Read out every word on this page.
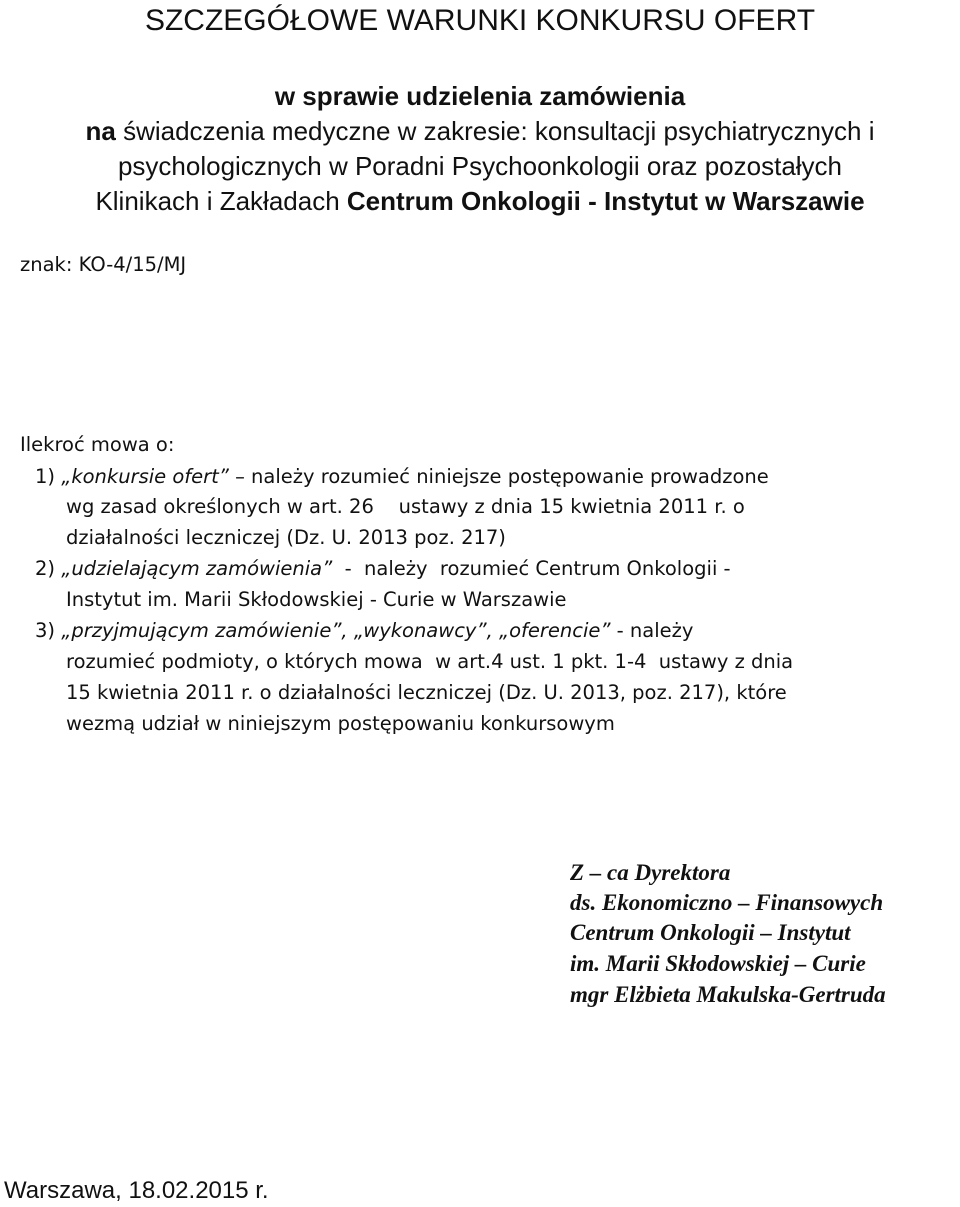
SZCZEGÓŁOWE WARUNKI KONKURSU OFERT
w sprawie udzielenia zamówienia
na świadczenia medyczne w zakresie: konsultacji psychiatrycznych i
psychologicznych w Poradni Psychoonkologii oraz pozostałych
Klinikach i Zakładach Centrum Onkologii - Instytut w Warszawie
znak: KO-4/15/MJ
Ilekroć mowa o:
1) „konkursie ofert” – należy rozumieć niniejsze postępowanie prowadzone
wg zasad określonych w art. 26    ustawy z dnia 15 kwietnia 2011 r. o
działalności leczniczej (Dz. U. 2013 poz. 217)
2) „udzielającym zamówienia”  -  należy  rozumieć Centrum Onkologii -
Instytut im. Marii Skłodowskiej - Curie w Warszawie
3) „przyjmującym zamówienie”, „wykonawcy”, „oferencie” - należy
rozumieć podmioty, o których mowa  w art.4 ust. 1 pkt. 1-4  ustawy z dnia
15 kwietnia 2011 r. o działalności leczniczej (Dz. U. 2013, poz. 217), które
wezmą udział w niniejszym postępowaniu konkursowym
Z – ca Dyrektora
ds. Ekonomiczno – Finansowych
Centrum Onkologii – Instytut
im. Marii Skłodowskiej – Curie
mgr Elżbieta Makulska-Gertruda
Warszawa, 18.02.2015 r.
